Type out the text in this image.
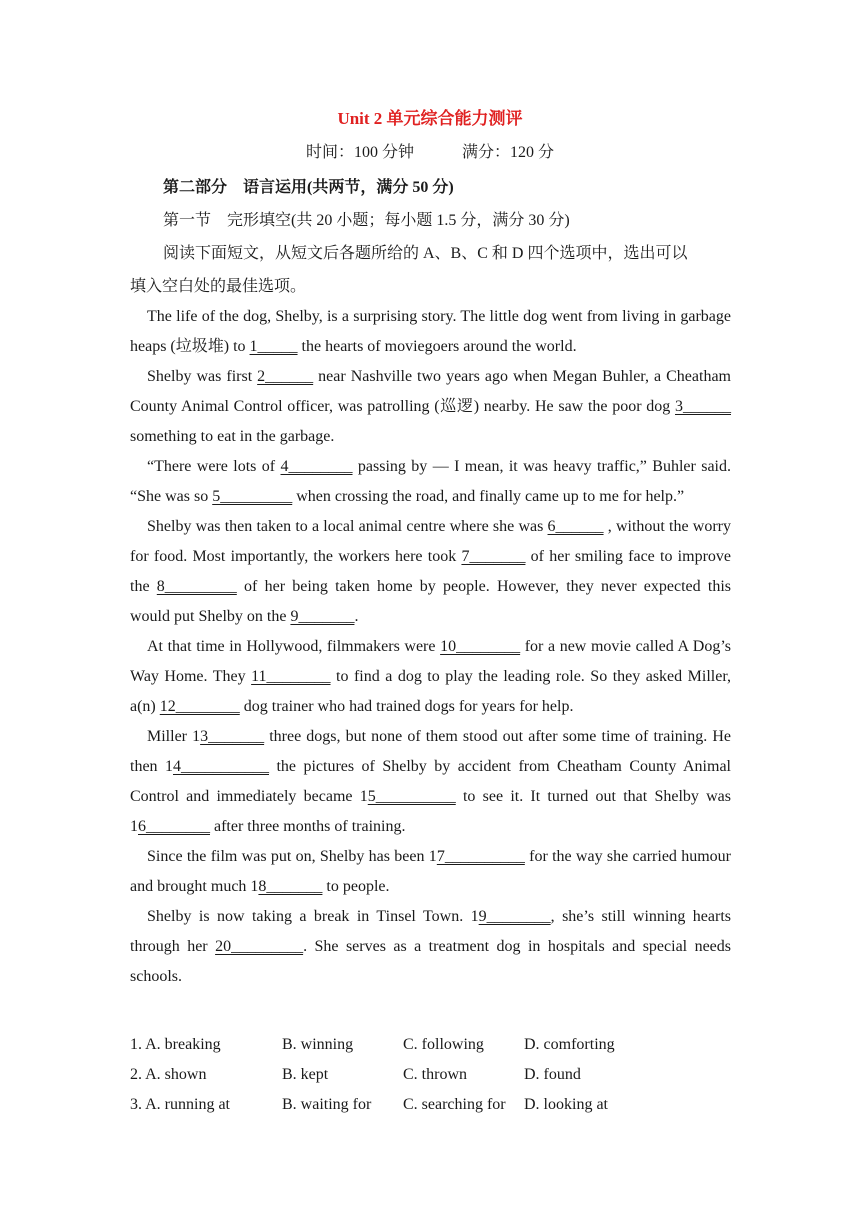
Unit 2 单元综合能力测评
时间：100 分钟	满分：120 分
第二部分　语言运用(共两节，满分 50 分)
第一节　完形填空(共 20 小题；每小题 1.5 分，满分 30 分)
阅读下面短文，从短文后各题所给的 A、B、C 和 D 四个选项中，选出可以
填入空白处的最佳选项。

The life of the dog, Shelby, is a surprising story. The little dog went from living in garbage heaps (垃圾堆) to 1_____ the hearts of moviegoers around the world.

Shelby was first 2______ near Nashville two years ago when Megan Buhler, a Cheatham County Animal Control officer, was patrolling (巡逻) nearby. He saw the poor dog 3______ something to eat in the garbage.

“There were lots of 4________ passing by — I mean, it was heavy traffic,” Buhler said. “She was so 5_________ when crossing the road, and finally came up to me for help.”

Shelby was then taken to a local animal centre where she was 6______ , without the worry for food. Most importantly, the workers here took 7_______ of her smiling face to improve the 8_________ of her being taken home by people. However, they never expected this would put Shelby on the 9_______.

At that time in Hollywood, filmmakers were 10________ for a new movie called A Dog’s Way Home. They 11________ to find a dog to play the leading role. So they asked Miller, a(n) 12________ dog trainer who had trained dogs for years for help.

Miller 13_______ three dogs, but none of them stood out after some time of training. He then 14___________ the pictures of Shelby by accident from Cheatham County Animal Control and immediately became 15__________ to see it. It turned out that Shelby was 16________ after three months of training.

Since the film was put on, Shelby has been 17__________ for the way she carried humour and brought much 18_______ to people.

Shelby is now taking a break in Tinsel Town. 19________, she’s still winning hearts through her 20_________. She serves as a treatment dog in hospitals and special needs schools.

1. A. breaking	B. winning	C. following	D. comforting
2. A. shown	B. kept	C. thrown	D. found
3. A. running at	B. waiting for	C. searching for	D. looking at
